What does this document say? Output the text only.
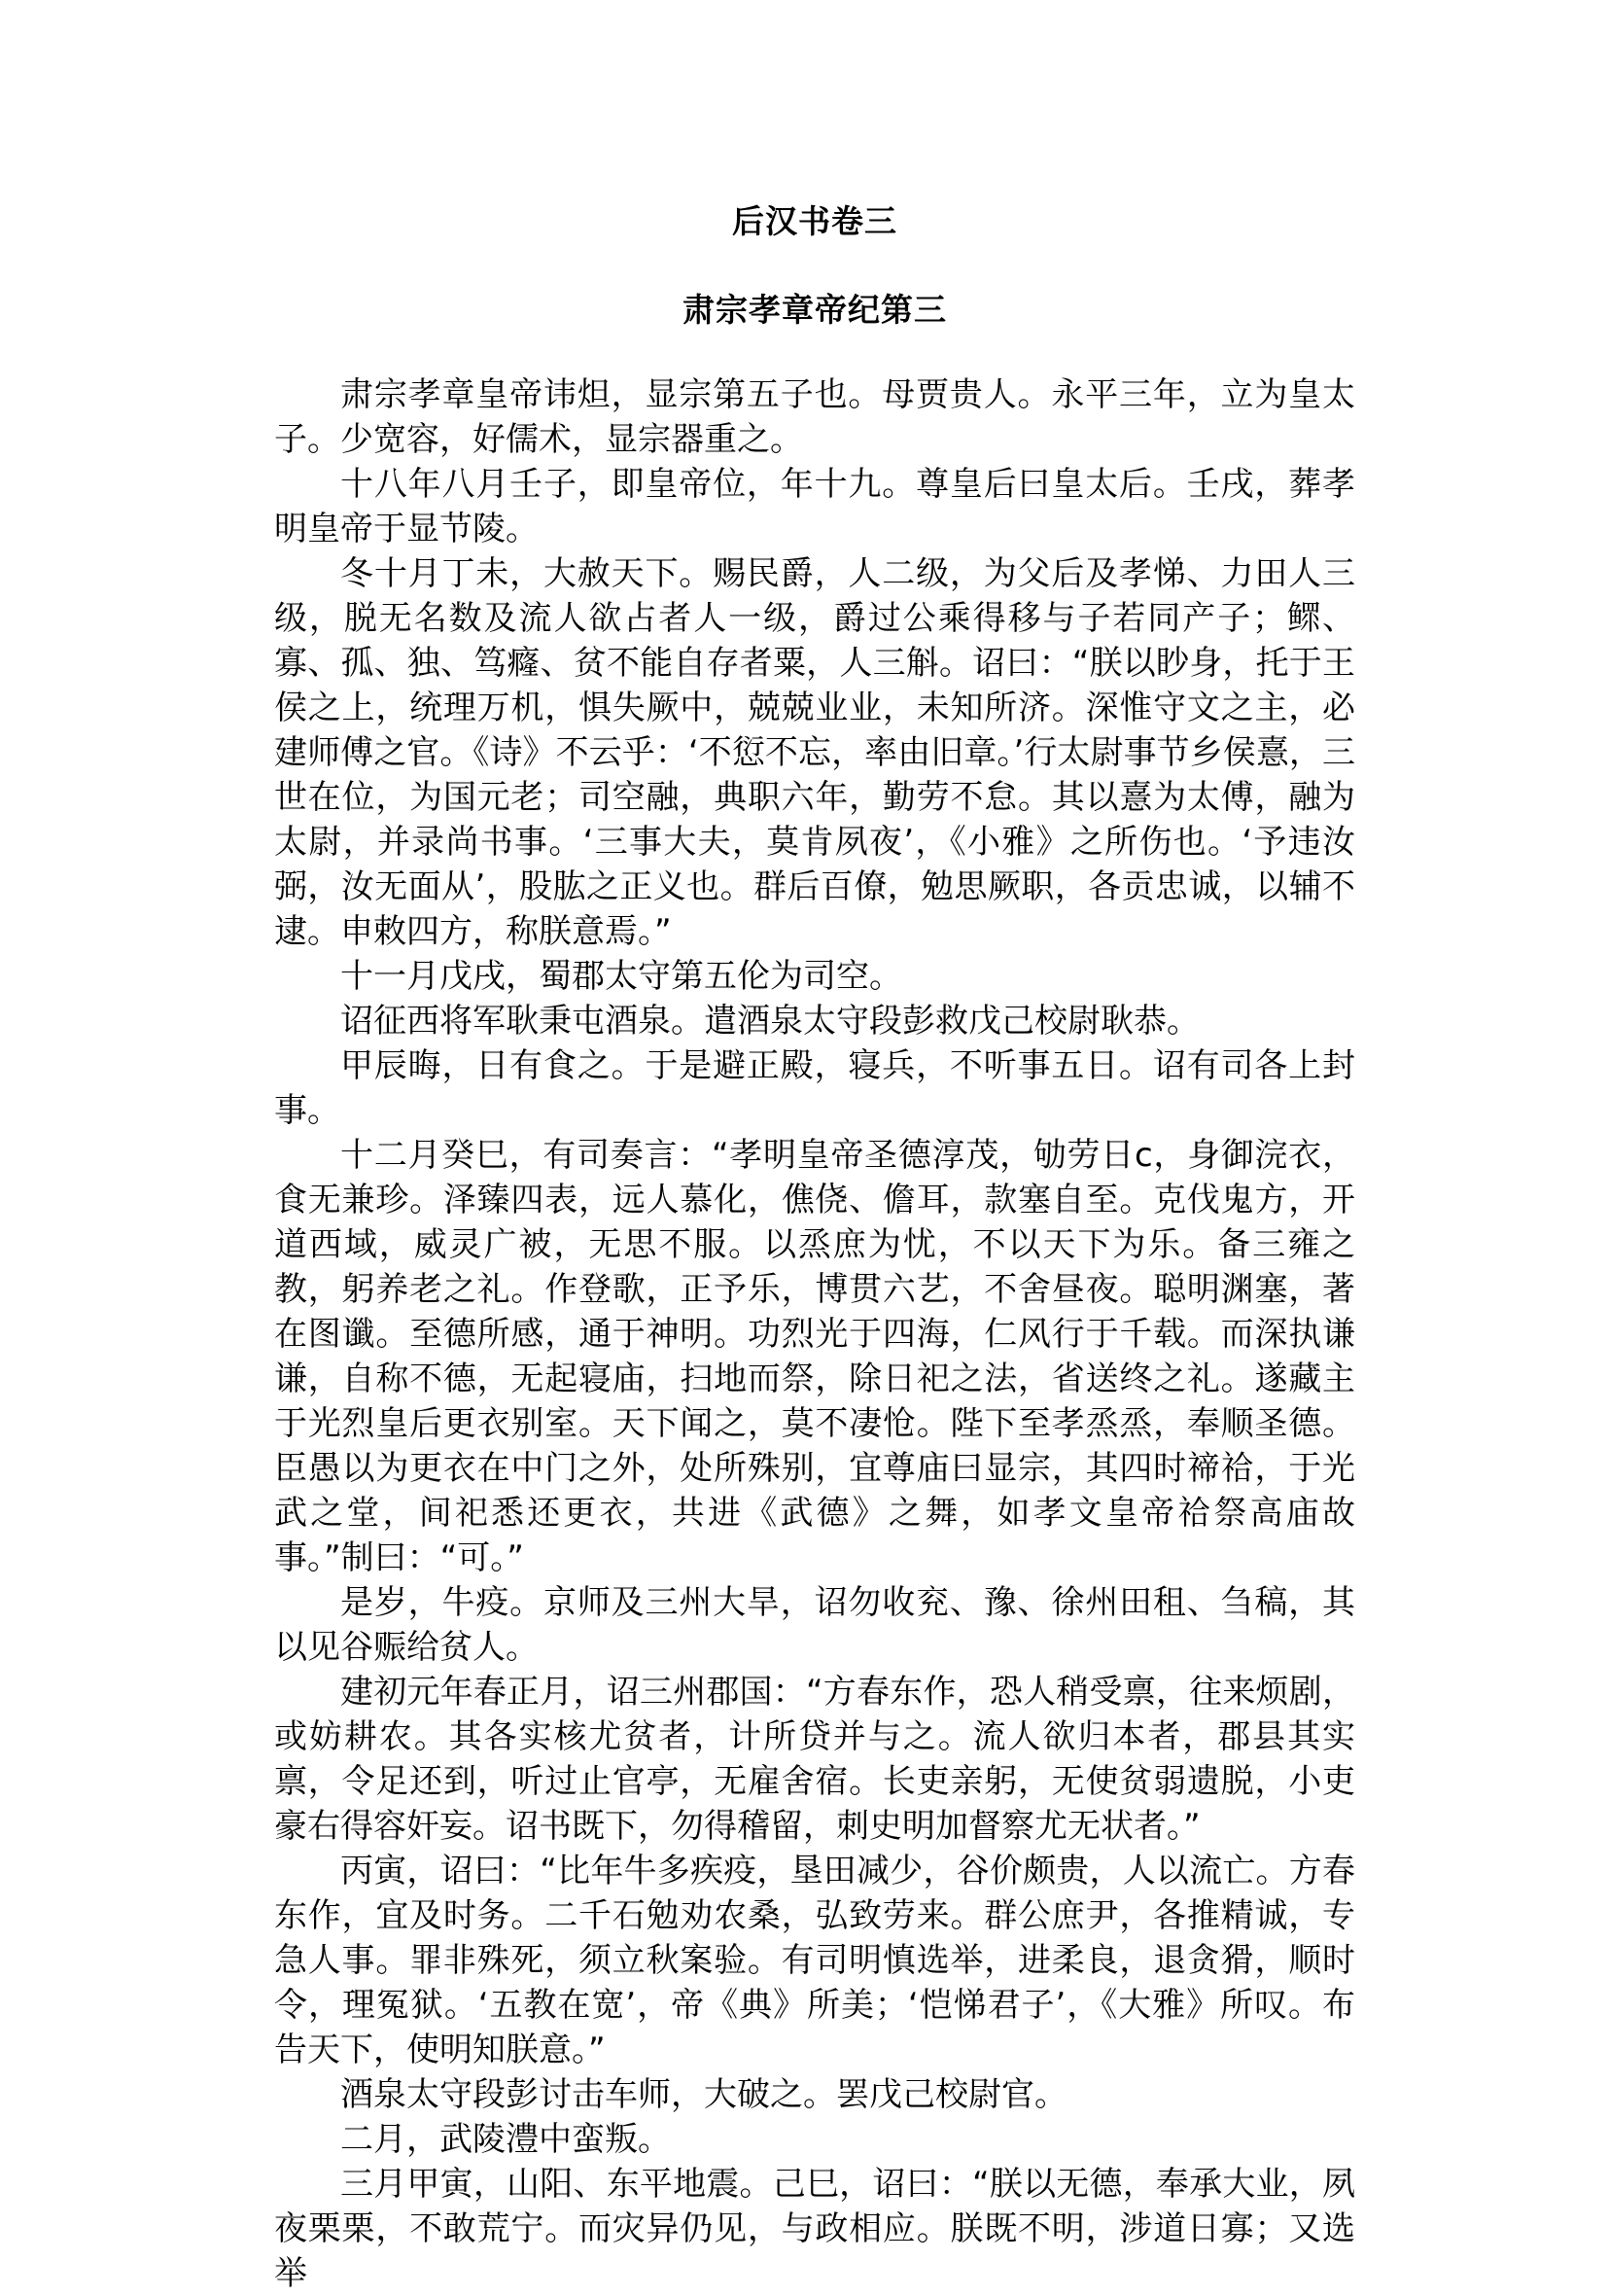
后汉书卷三
肃宗孝章帝纪第三

肃宗孝章皇帝讳炟，显宗第五子也。母贾贵人。永平三年，立为皇太子。少宽容，好儒术，显宗器重之。

十八年八月壬子，即皇帝位，年十九。尊皇后曰皇太后。壬戌，葬孝明皇帝于显节陵。

冬十月丁未，大赦天下。赐民爵，人二级，为父后及孝悌、力田人三级，脱无名数及流人欲占者人一级，爵过公乘得移与子若同产子；鳏、寡、孤、独、笃癃、贫不能自存者粟，人三斛。诏曰：“朕以眇身，托于王侯之上，统理万机，惧失厥中，兢兢业业，未知所济。深惟守文之主，必建师傅之官。《诗》不云乎：‘不愆不忘，率由旧章。’行太尉事节乡侯憙，三世在位，为国元老；司空融，典职六年，勤劳不怠。其以憙为太傅，融为太尉，并录尚书事。‘三事大夫，莫肯夙夜’，《小雅》之所伤也。‘予违汝弼，汝无面从’，股肱之正义也。群后百僚，勉思厥职，各贡忠诚，以辅不逮。申敕四方，称朕意焉。”

十一月戊戌，蜀郡太守第五伦为司空。

诏征西将军耿秉屯酒泉。遣酒泉太守段彭救戊己校尉耿恭。

甲辰晦，日有食之。于是避正殿，寝兵，不听事五日。诏有司各上封事。

十二月癸巳，有司奏言：“孝明皇帝圣德淳茂，劬劳日с，身御浣衣，食无兼珍。泽臻四表，远人慕化，僬侥、儋耳，款塞自至。克伐鬼方，开道西域，威灵广被，无思不服。以烝庶为忧，不以天下为乐。备三雍之教，躬养老之礼。作登歌，正予乐，博贯六艺，不舍昼夜。聪明渊塞，著在图谶。至德所感，通于神明。功烈光于四海，仁风行于千载。而深执谦谦，自称不德，无起寝庙，扫地而祭，除日祀之法，省送终之礼。遂藏主于光烈皇后更衣别室。天下闻之，莫不凄怆。陛下至孝烝烝，奉顺圣德。臣愚以为更衣在中门之外，处所殊别，宜尊庙曰显宗，其四时禘祫，于光武之堂，间祀悉还更衣，共进《武德》之舞，如孝文皇帝祫祭高庙故事。”制曰：“可。”

是岁，牛疫。京师及三州大旱，诏勿收兖、豫、徐州田租、刍稿，其以见谷赈给贫人。

建初元年春正月，诏三州郡国：“方春东作，恐人稍受禀，往来烦剧，或妨耕农。其各实核尤贫者，计所贷并与之。流人欲归本者，郡县其实禀，令足还到，听过止官亭，无雇舍宿。长吏亲躬，无使贫弱遗脱，小吏豪右得容奸妄。诏书既下，勿得稽留，刺史明加督察尤无状者。”

丙寅，诏曰：“比年牛多疾疫，垦田减少，谷价颇贵，人以流亡。方春东作，宜及时务。二千石勉劝农桑，弘致劳来。群公庶尹，各推精诚，专急人事。罪非殊死，须立秋案验。有司明慎选举，进柔良，退贪猾，顺时令，理冤狱。‘五教在宽’，帝《典》所美；‘恺悌君子’，《大雅》所叹。布告天下，使明知朕意。”

酒泉太守段彭讨击车师，大破之。罢戊己校尉官。

二月，武陵澧中蛮叛。

三月甲寅，山阳、东平地震。己巳，诏曰：“朕以无德，奉承大业，夙夜栗栗，不敢荒宁。而灾异仍见，与政相应。朕既不明，涉道日寡；又选举
